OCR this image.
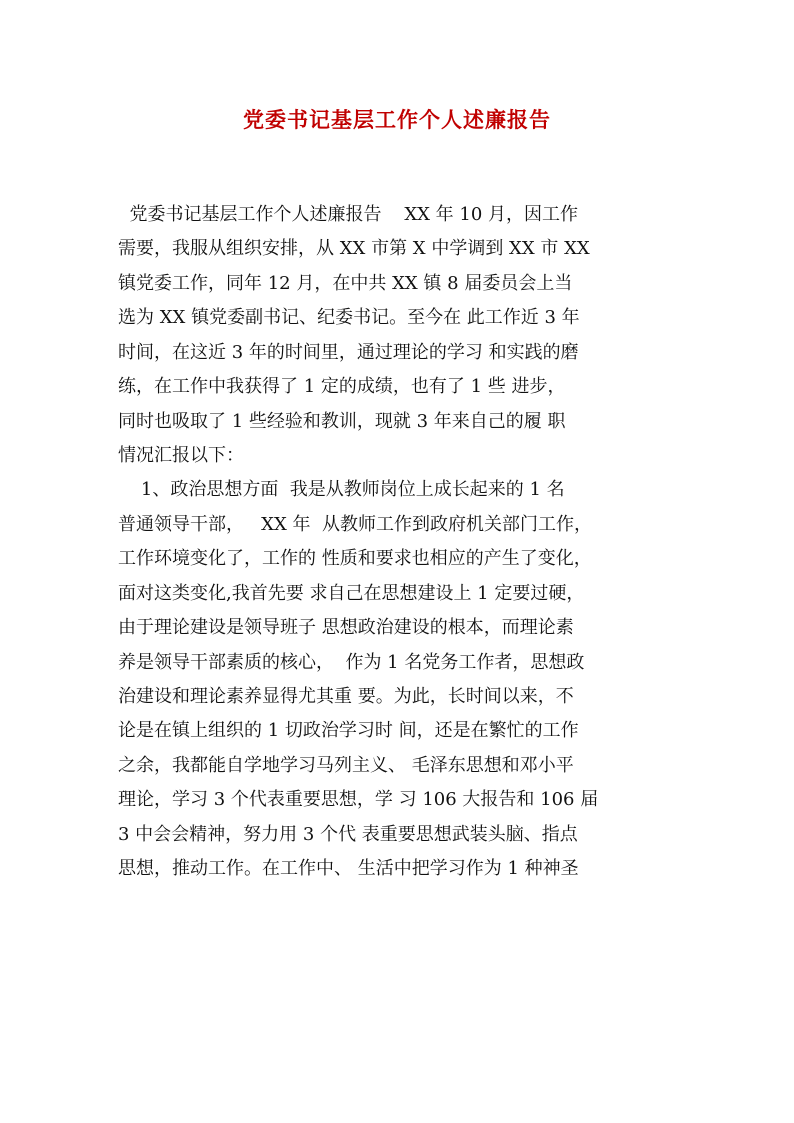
党委书记基层工作个人述廉报告
党委书记基层工作个人述廉报告    XX 年 10 月，因工作
需要，我服从组织安排，从 XX 市第 X 中学调到 XX 市 XX
镇党委工作，同年 12 月，在中共 XX 镇 8 届委员会上当
选为 XX 镇党委副书记、纪委书记。至今在 此工作近 3 年
时间，在这近 3 年的时间里，通过理论的学习 和实践的磨
练，在工作中我获得了 1 定的成绩，也有了 1 些 进步，
同时也吸取了 1 些经验和教训，现就 3 年来自己的履 职
情况汇报以下：
1、政治思想方面  我是从教师岗位上成长起来的 1 名
普通领导干部，   XX 年  从教师工作到政府机关部门工作，
工作环境变化了，工作的 性质和要求也相应的产生了变化，
面对这类变化,我首先要 求自己在思想建设上 1 定要过硬，
由于理论建设是领导班子 思想政治建设的根本，而理论素
养是领导干部素质的核心，  作为 1 名党务工作者，思想政
治建设和理论素养显得尤其重 要。为此，长时间以来，不
论是在镇上组织的 1 切政治学习时 间，还是在繁忙的工作
之余，我都能自学地学习马列主义、 毛泽东思想和邓小平
理论，学习 3 个代表重要思想，学 习 106 大报告和 106 届
3 中会会精神，努力用 3 个代 表重要思想武装头脑、指点
思想，推动工作。在工作中、 生活中把学习作为 1 种神圣
